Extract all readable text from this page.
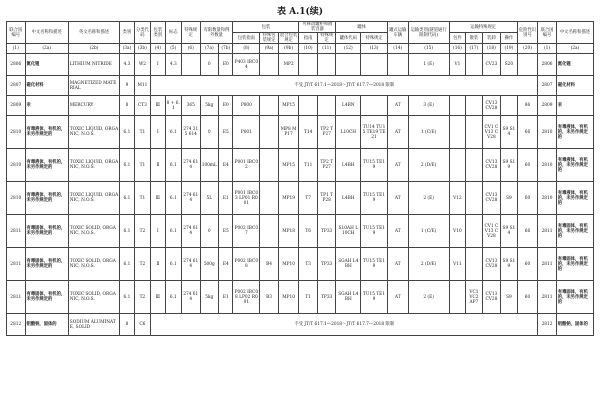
表 A.1(续)
联合国编号	中文名称和描述	英文名称和描述	类别	分类代码	包装类别	标志	特殊规定	有限数量和例外数量		包装			可移动罐柜和散装容器		罐体		罐式运输车辆	运输类别(隧道通行限制代码)	运输特殊规定				危险性识别号	联合国编号	中文名称和描述
										包装指南	特殊包装规定	混合包装规定	指南	特殊规定	罐体代码	特殊规定			包件	散装	装卸	操作			
(1)	(2a)	(2b)	(3a)	(3b)	(4)	(5)	(6)	(7a)	(7b)	(8)	(9a)	(9b)	(10)	(11)	(12)	(13)	(14)	(15)	(16)	(17)	(18)	(19)	(20)	(1)	(2a)
2806	氮化锂	LITHIUM NITRIDE	4.3	W2	Ⅰ	4.3		0	E0	P403 IBC04		MP2						1 (E)	V1		CV23	S20		2806	氮化锂
2807	磁化材料	MAGNETIZED MATERIAL	9	M11	不受 JT/T 617.1—2018～JT/T 617.7—2018 限制																			2807	磁化材料
2809	汞	MERCURY	8	CT3	Ⅲ	8 + 6.1	365	5kg	E0	P800		MP15			L4BN		AT	3 (E)			CV13 CV28		86	2809	汞
2810	有毒液体，有机的，未另作规定的	TOXIC LIQUID, ORGANIC, N.O.S.	6.1	T1	Ⅰ	6.1	274 315 614	0	E5	P001		MP8 MP17	T14	TP2 TP27	L10CH	TU14 TU15 TE19 TE21	AT	1 (C/E)			CV1 CV13 CV28	S9 S14	66	2810	有毒液体，有机的，未另作规定的
2810	有毒液体，有机的，未另作规定的	TOXIC LIQUID, ORGANIC, N.O.S.	6.1	T1	Ⅱ	6.1	274 614	100mL	E4	P001 IBC02		MP15	T11	TP2 TP27	L4BH	TU15 TE19	AT	2 (D/E)			CV13 CV28	S9 S19	60	2810	有毒液体，有机的，未另作规定的
2810	有毒液体，有机的，未另作规定的	TOXIC LIQUID, ORGANIC, N.O.S.	6.1	T1	Ⅲ	6.1	274 614	5L	E1	P001 IBC03 LP01 R001		MP19	T7	TP1 TP28	L4BH	TU15 TE19	AT	2 (E)	V12		CV13 CV28	S9	60	2810	有毒液体，有机的，未另作规定的
2811	有毒固体，有机的，未另作规定的	TOXIC SOLID, ORGANIC, N.O.S.	6.1	T2	Ⅰ	6.1	274 614	0	E5	P002 IBC07		MP18	T6	TP33	S10AH L10CH	TU15 TE19	AT	1 (C/E)	V10		CV1 CV13 CV28	S9 S14	66	2811	有毒固体，有机的，未另作规定的
2811	有毒固体，有机的，未另作规定的	TOXIC SOLID, ORGANIC, N.O.S.	6.1	T2	Ⅱ	6.1	274 614	500g	E4	P002 IBC08	B4	MP10	T3	TP33	SGAH L4BH	TU15 TE19	AT	2 (D/E)	V11		CV13 CV28	S9 S19	60	2811	有毒固体，有机的，未另作规定的
2811	有毒固体，有机的，未另作规定的	TOXIC SOLID, ORGANIC, N.O.S.	6.1	T2	Ⅲ	6.1	274 614	5kg	E1	P002 IBC08 LP02 R001	B3	MP10	T1	TP33	SGAH L4BH	TU15 TE19	AT	2 (E)		VC1 VC2 AP7	CV13 CV28	S9	60	2811	有毒固体，有机的，未另作规定的
2812	铝酸钠，固体的	SODIUM ALUMINATE, SOLID	8	C6	不受 JT/T 617.1—2018～JT/T 617.7—2018 限制																			2812	铝酸钠，固体的
